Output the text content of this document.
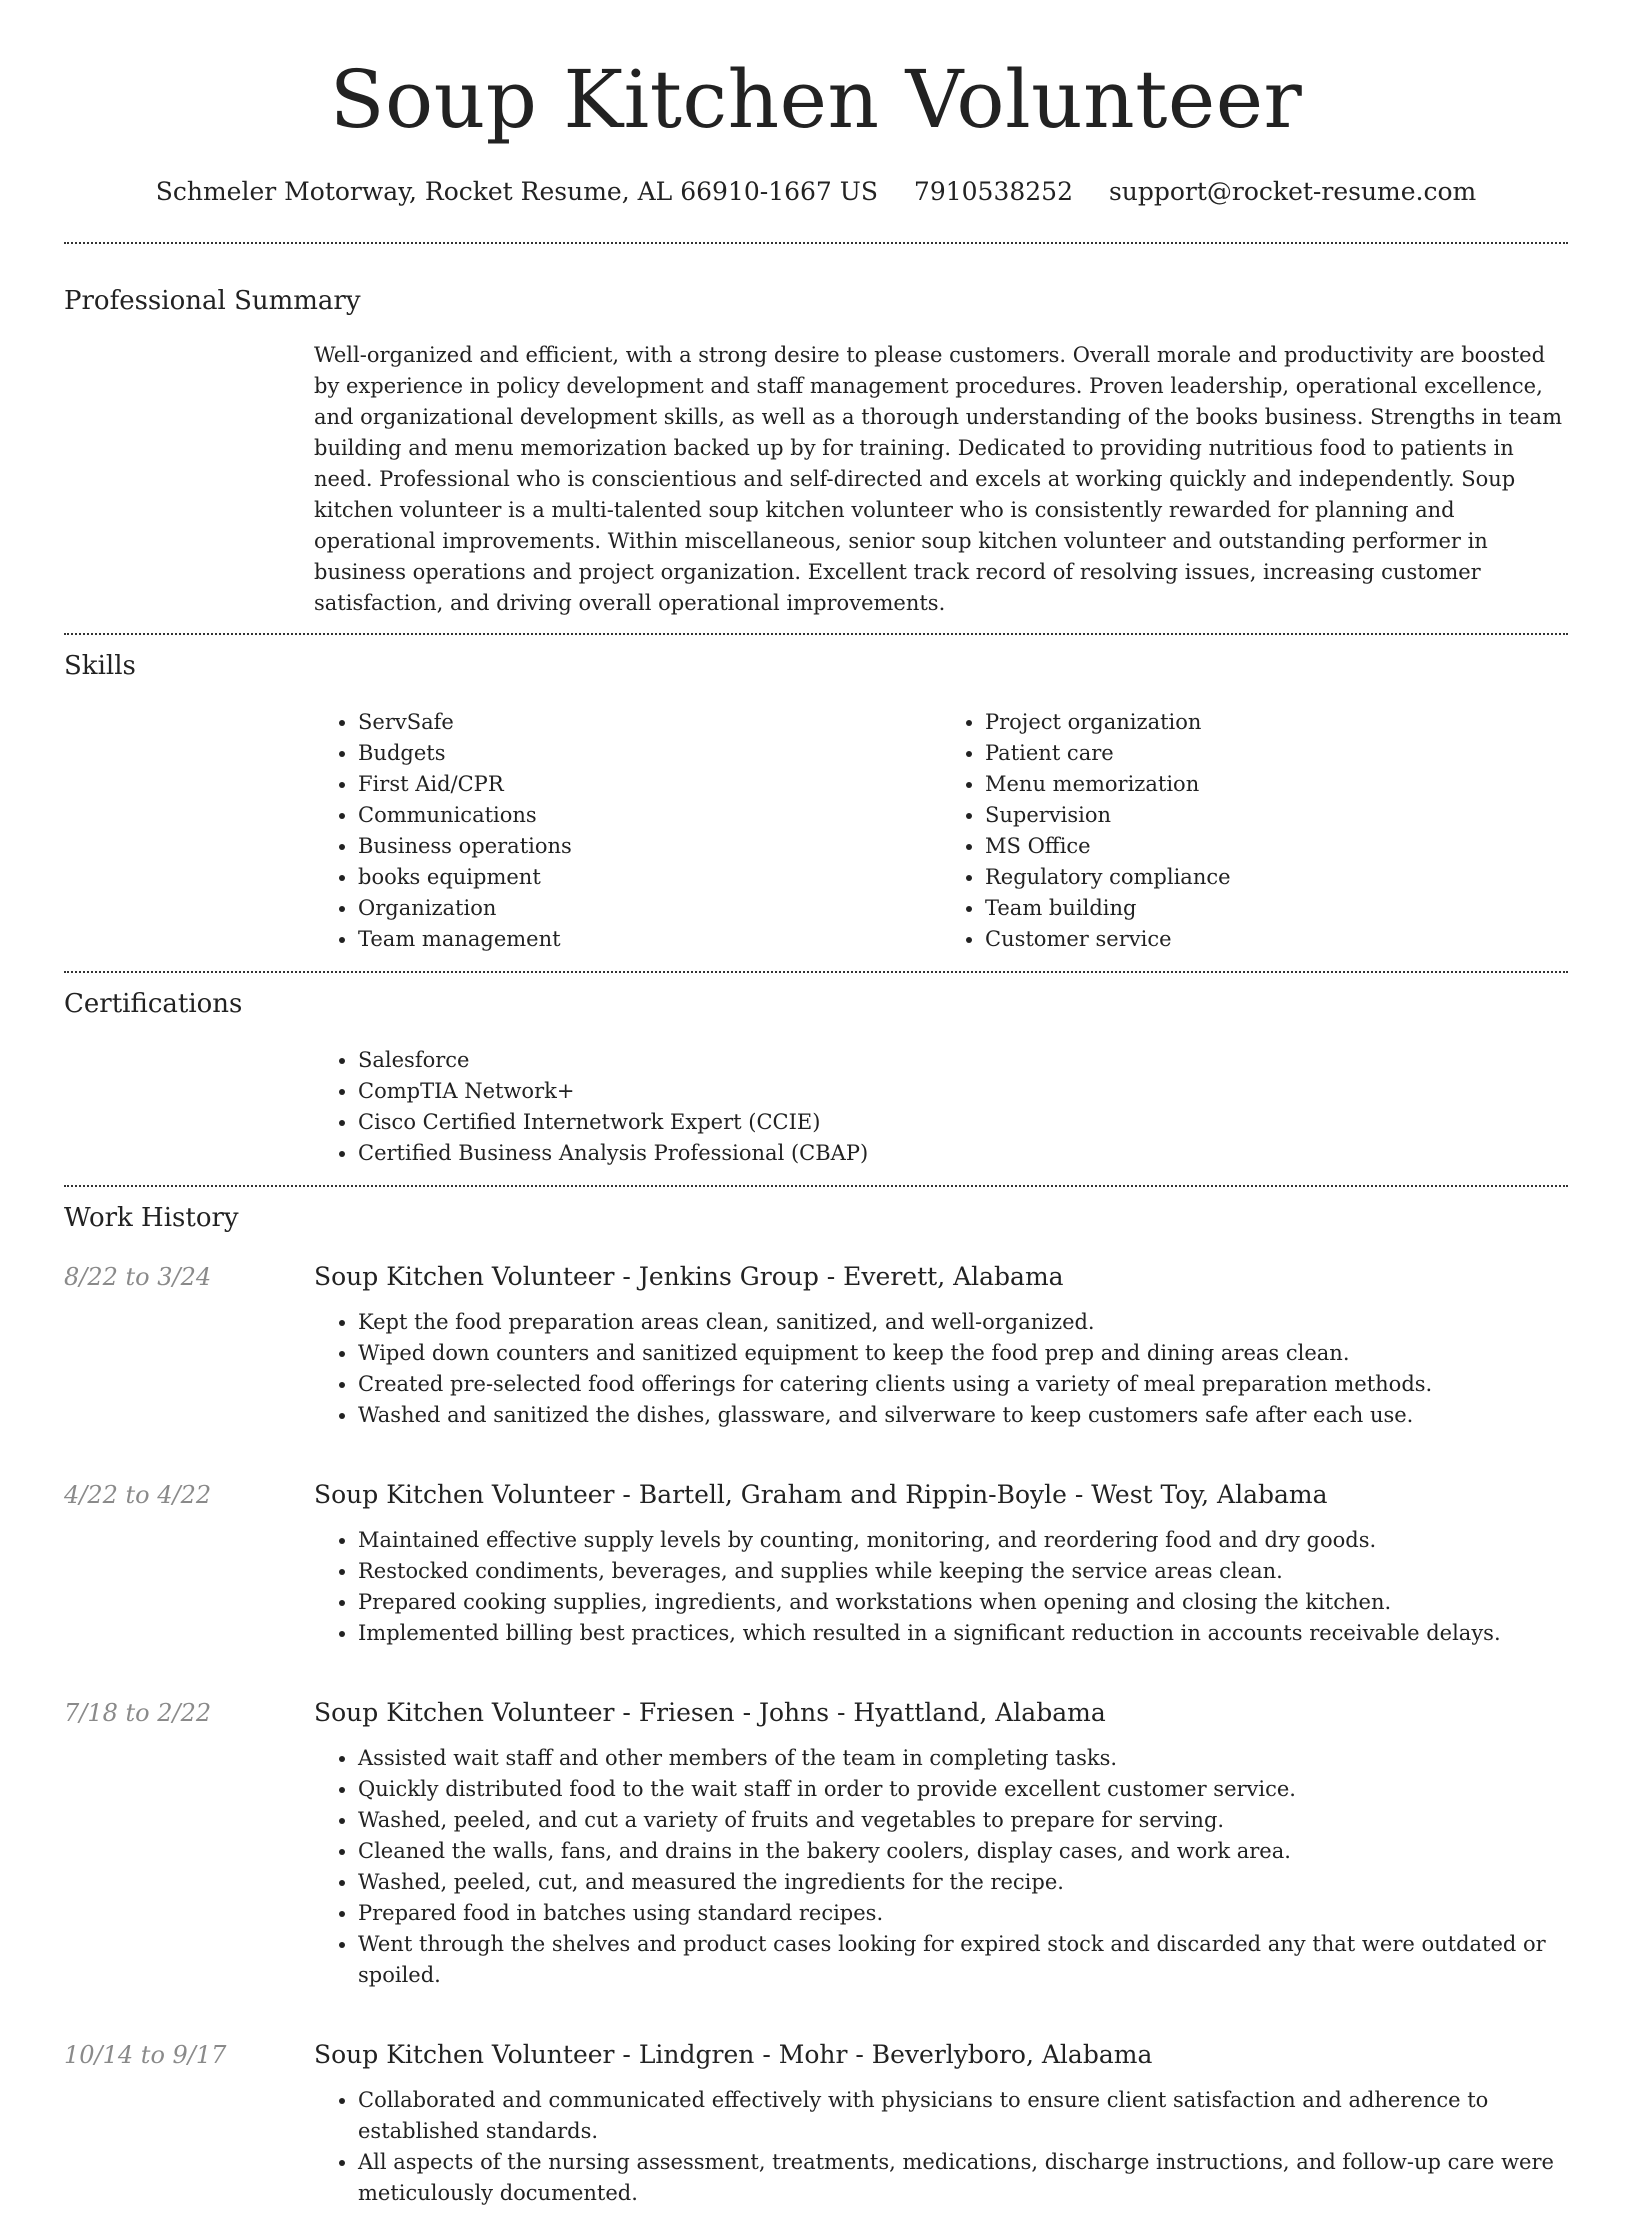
Soup Kitchen Volunteer
Schmeler Motorway, Rocket Resume, AL 66910-1667 US 7910538252 support@rocket-resume.com
Professional Summary
Well-organized and efficient, with a strong desire to please customers. Overall morale and productivity are boosted by experience in policy development and staff management procedures. Proven leadership, operational excellence, and organizational development skills, as well as a thorough understanding of the books business. Strengths in team building and menu memorization backed up by for training. Dedicated to providing nutritious food to patients in need. Professional who is conscientious and self-directed and excels at working quickly and independently. Soup kitchen volunteer is a multi-talented soup kitchen volunteer who is consistently rewarded for planning and operational improvements. Within miscellaneous, senior soup kitchen volunteer and outstanding performer in business operations and project organization. Excellent track record of resolving issues, increasing customer satisfaction, and driving overall operational improvements.
Skills
• ServSafe
• Budgets
• First Aid/CPR
• Communications
• Business operations
• books equipment
• Organization
• Team management
• Project organization
• Patient care
• Menu memorization
• Supervision
• MS Office
• Regulatory compliance
• Team building
• Customer service
Certifications
• Salesforce
• CompTIA Network+
• Cisco Certified Internetwork Expert (CCIE)
• Certified Business Analysis Professional (CBAP)
Work History
8/22 to 3/24	Soup Kitchen Volunteer - Jenkins Group - Everett, Alabama
• Kept the food preparation areas clean, sanitized, and well-organized.
• Wiped down counters and sanitized equipment to keep the food prep and dining areas clean.
• Created pre-selected food offerings for catering clients using a variety of meal preparation methods.
• Washed and sanitized the dishes, glassware, and silverware to keep customers safe after each use.
4/22 to 4/22	Soup Kitchen Volunteer - Bartell, Graham and Rippin-Boyle - West Toy, Alabama
• Maintained effective supply levels by counting, monitoring, and reordering food and dry goods.
• Restocked condiments, beverages, and supplies while keeping the service areas clean.
• Prepared cooking supplies, ingredients, and workstations when opening and closing the kitchen.
• Implemented billing best practices, which resulted in a significant reduction in accounts receivable delays.
7/18 to 2/22	Soup Kitchen Volunteer - Friesen - Johns - Hyattland, Alabama
• Assisted wait staff and other members of the team in completing tasks.
• Quickly distributed food to the wait staff in order to provide excellent customer service.
• Washed, peeled, and cut a variety of fruits and vegetables to prepare for serving.
• Cleaned the walls, fans, and drains in the bakery coolers, display cases, and work area.
• Washed, peeled, cut, and measured the ingredients for the recipe.
• Prepared food in batches using standard recipes.
• Went through the shelves and product cases looking for expired stock and discarded any that were outdated or spoiled.
10/14 to 9/17	Soup Kitchen Volunteer - Lindgren - Mohr - Beverlyboro, Alabama
• Collaborated and communicated effectively with physicians to ensure client satisfaction and adherence to established standards.
• All aspects of the nursing assessment, treatments, medications, discharge instructions, and follow-up care were meticulously documented.
